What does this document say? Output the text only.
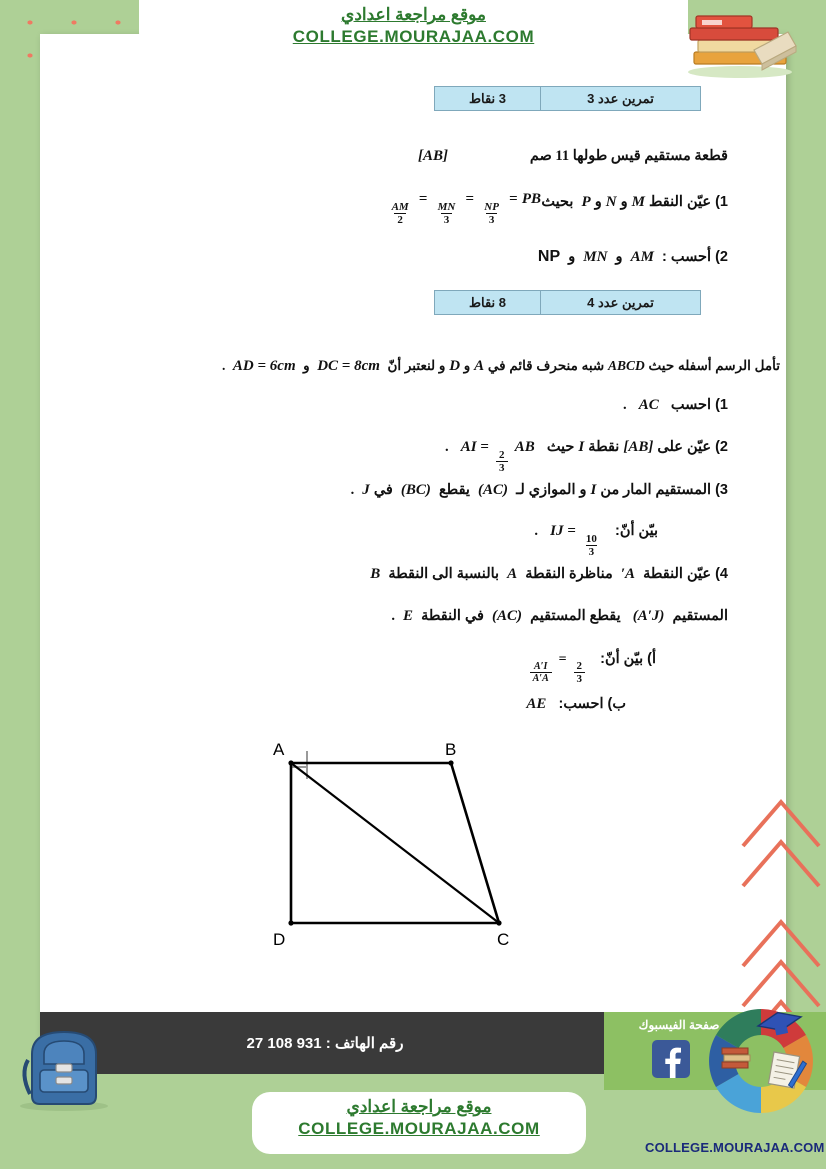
موقع مراجعة اعدادي
COLLEGE.MOURAJAA.COM
تمرين عدد 3
3 نقاط
قطعة مستقيم قيس طولها 11 صم
[AB]
1) عيّن النقط M و N و P  بحيث
$\frac{AM}{2}$
=
$\frac{MN}{3}$
=
$\frac{NP}{3}$
= PB
2) أحسب :  AM  و  MN  و  NP
تمرين عدد 4
8 نقاط
تأمل الرسم أسفله حيث ABCD شبه منحرف قائم في A و D و لنعتبر أنّ  DC = 8cm  و  AD = 6cm  .
1) احسب   AC   .
2) عيّن على [AB] نقطة I حيث   AI =
$\frac{2}{3}$
AB   .
3) المستقيم المار من I و الموازي لـ  (AC)  يقطع  (BC)  في J  .
بيّن أنّ:   IJ =
$\frac{10}{3}$
.
4) عيّن النقطة  A′  مناظرة النقطة  A  بالنسبة الى النقطة  B
المستقيم  (A′J)   يقطع المستقيم  (AC)  في النقطة  E  .
أ) بيّن أنّ:
$\frac{A'I}{A'A}$
=
$\frac{2}{3}$
ب) احسب:   AE
A	B
C
D
رقم الهاتف :

27 108 931
صفحة الفيسبوك
موقع مراجعة اعدادي
COLLEGE.MOURAJAA.COM
COLLEGE.MOURAJAA.COM
